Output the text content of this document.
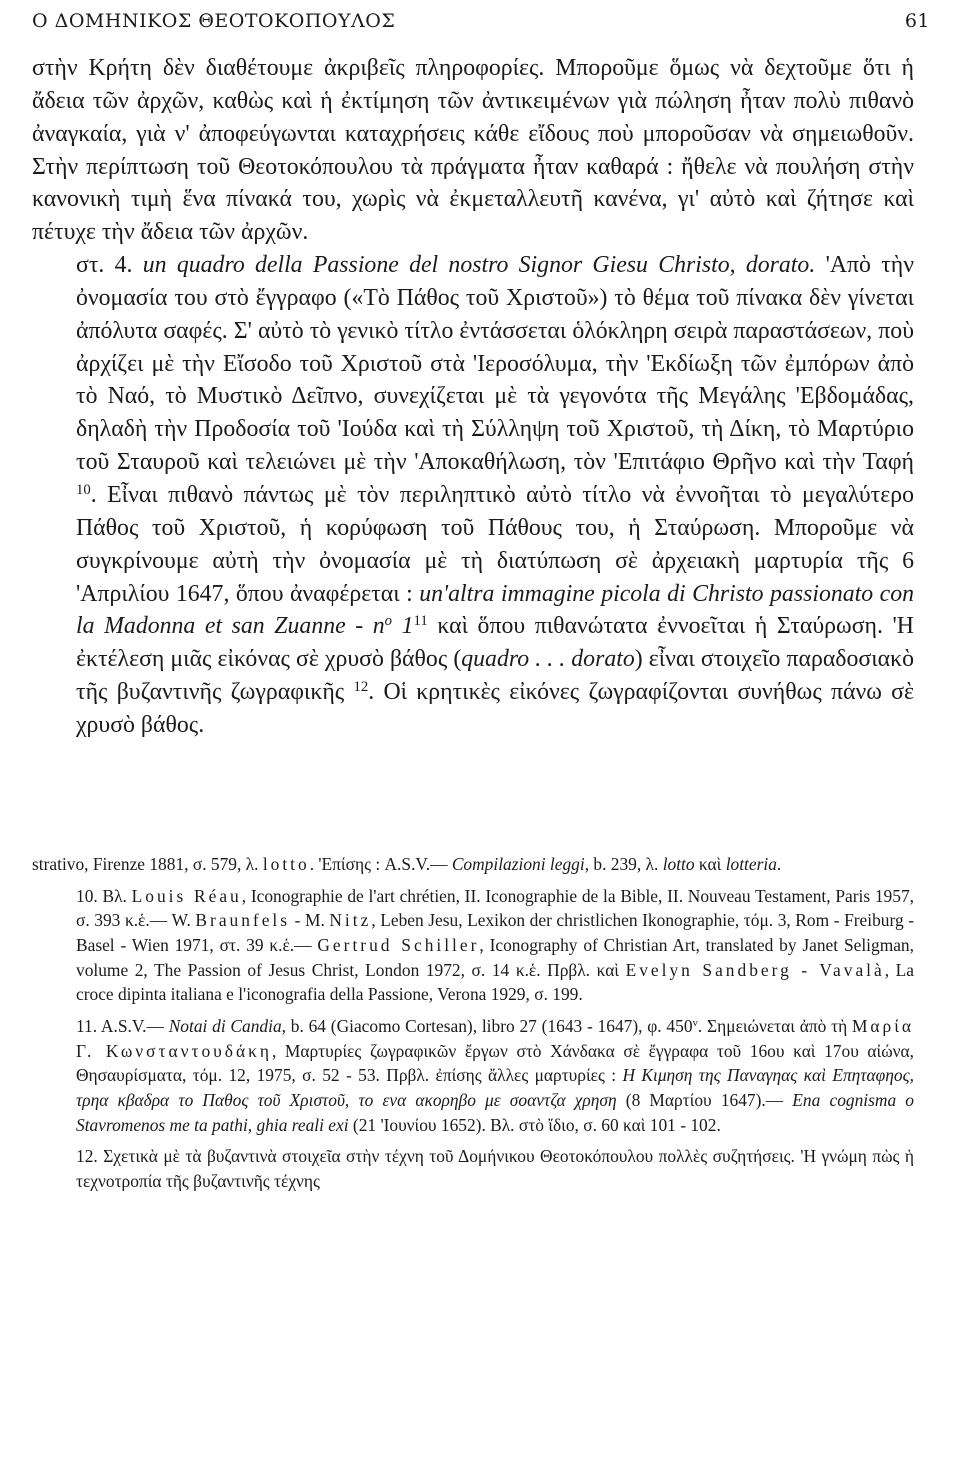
Ο ΔΟΜΗΝΙΚΟΣ ΘΕΟΤΟΚΟΠΟΥΛΟΣ	61

στὴν Κρήτη δὲν διαθέτουμε ἀκριβεῖς πληροφορίες. Μποροῦμε ὅμως νὰ δεχτοῦμε ὅτι ἡ ἄδεια τῶν ἀρχῶν, καθὼς καὶ ἡ ἐκτίμηση τῶν ἀντικειμένων γιὰ πώληση ἦταν πολὺ πιθανὸ ἀναγκαία, γιὰ ν' ἀποφεύγωνται καταχρήσεις κάθε εἴδους ποὺ μποροῦσαν νὰ σημειωθοῦν. Στὴν περίπτωση τοῦ Θεοτοκόπουλου τὰ πράγματα ἦταν καθαρά : ἤθελε νὰ πουλήση στὴν κανονικὴ τιμὴ ἕνα πίνακά του, χωρὶς νὰ ἐκμεταλλευτῆ κανένα, γι' αὐτὸ καὶ ζήτησε καὶ πέτυχε τὴν ἄδεια τῶν ἀρχῶν.

στ. 4. un quadro della Passione del nostro Signor Giesu Christo, dorato. 'Απὸ τὴν ὀνομασία του στὸ ἔγγραφο («Τὸ Πάθος τοῦ Χριστοῦ») τὸ θέμα τοῦ πίνακα δὲν γίνεται ἀπόλυτα σαφές. Σ' αὐτὸ τὸ γενικὸ τίτλο ἐντάσσεται ὁλόκληρη σειρὰ παραστάσεων, ποὺ ἀρχίζει μὲ τὴν Εἴσοδο τοῦ Χριστοῦ στὰ 'Ιεροσόλυμα, τὴν 'Εκδίωξη τῶν ἐμπόρων ἀπὸ τὸ Ναό, τὸ Μυστικὸ Δεῖπνο, συνεχίζεται μὲ τὰ γεγονότα τῆς Μεγάλης 'Εβδομάδας, δηλαδὴ τὴν Προδοσία τοῦ 'Ιούδα καὶ τὴ Σύλληψη τοῦ Χριστοῦ, τὴ Δίκη, τὸ Μαρτύριο τοῦ Σταυροῦ καὶ τελειώνει μὲ τὴν 'Αποκαθήλωση, τὸν 'Επιτάφιο Θρῆνο καὶ τὴν Ταφή $^{10}$. Εἶναι πιθανὸ πάντως μὲ τὸν περιληπτικὸ αὐτὸ τίτλο νὰ ἐννοῆται τὸ μεγαλύτερο Πάθος τοῦ Χριστοῦ, ἡ κορύφωση τοῦ Πάθους του, ἡ Σταύρωση. Μποροῦμε νὰ συγκρίνουμε αὐτὴ τὴν ὀνομασία μὲ τὴ διατύπωση σὲ ἀρχειακὴ μαρτυρία τῆς 6 'Απριλίου 1647, ὅπου ἀναφέρεται : un'altra immagine picola di Christo passionato con la Madonna et san Zuanne - $n^o$ $1^{11}$ καὶ ὅπου πιθανώτατα ἐννοεῖται ἡ Σταύρωση. 'Η ἐκτέλεση μιᾶς εἰκόνας σὲ χρυσὸ βάθος (quadro . . . dorato) εἶναι στοιχεῖο παραδοσιακὸ τῆς βυζαντινῆς ζωγραφικῆς $^{12}$. Οἱ κρητικὲς εἰκόνες ζωγραφίζονται συνήθως πάνω σὲ χρυσὸ βάθος.

strativo, Firenze 1881, σ. 579, λ. lotto. 'Επίσης : A.S.V.— Compilazioni leggi, b. 239, λ. lotto καὶ lotteria.

10. Βλ. Louis Réau, Iconographie de l'art chrétien, II. Iconographie de la Bible, II. Nouveau Testament, Paris 1957, σ. 393 κ.ἑ.— W. Braunfels - M. Nitz, Leben Jesu, Lexikon der christlichen Ikonographie, τόμ. 3, Rom - Freiburg - Basel - Wien 1971, στ. 39 κ.ἑ.— Gertrud Schiller, Iconography of Christian Art, translated by Janet Seligman, volume 2, The Passion of Jesus Christ, London 1972, σ. 14 κ.ἑ. Πρβλ. καὶ Evelyn Sandberg - Vavalà, La croce dipinta italiana e l'iconografia della Passione, Verona 1929, σ. 199.

11. A.S.V.— Notai di Candia, b. 64 (Giacomo Cortesan), libro 27 (1643 - 1647), φ. 450$^v$. Σημειώνεται ἀπὸ τὴ Μαρία Γ. Κωνσταντουδάκη, Μαρτυρίες ζωγραφικῶν ἔργων στὸ Χάνδακα σὲ ἔγγραφα τοῦ 16ου καὶ 17ου αἰώνα, Θησαυρίσματα, τόμ. 12, 1975, σ. 52 - 53. Πρβλ. ἐπίσης ἄλλες μαρτυρίες : Η Κιμηση της Παναγηας καὶ Επηταφηος, τρηα κβαδρα το Παθος τοῦ Χριστοῦ, το ενα ακορηβο με σοαντζα χρηση (8 Μαρτίου 1647).— Ena cognisma o Stavromenos me ta pathi, ghia reali exi (21 'Ιουνίου 1652). Βλ. στὸ ἴδιο, σ. 60 καὶ 101 - 102.

12. Σχετικὰ μὲ τὰ βυζαντινὰ στοιχεῖα στὴν τέχνη τοῦ Δομήνικου Θεοτοκόπουλου πολλὲς συζητήσεις. 'Η γνώμη πὼς ἡ τεχνοτροπία τῆς βυζαντινῆς τέχνης
